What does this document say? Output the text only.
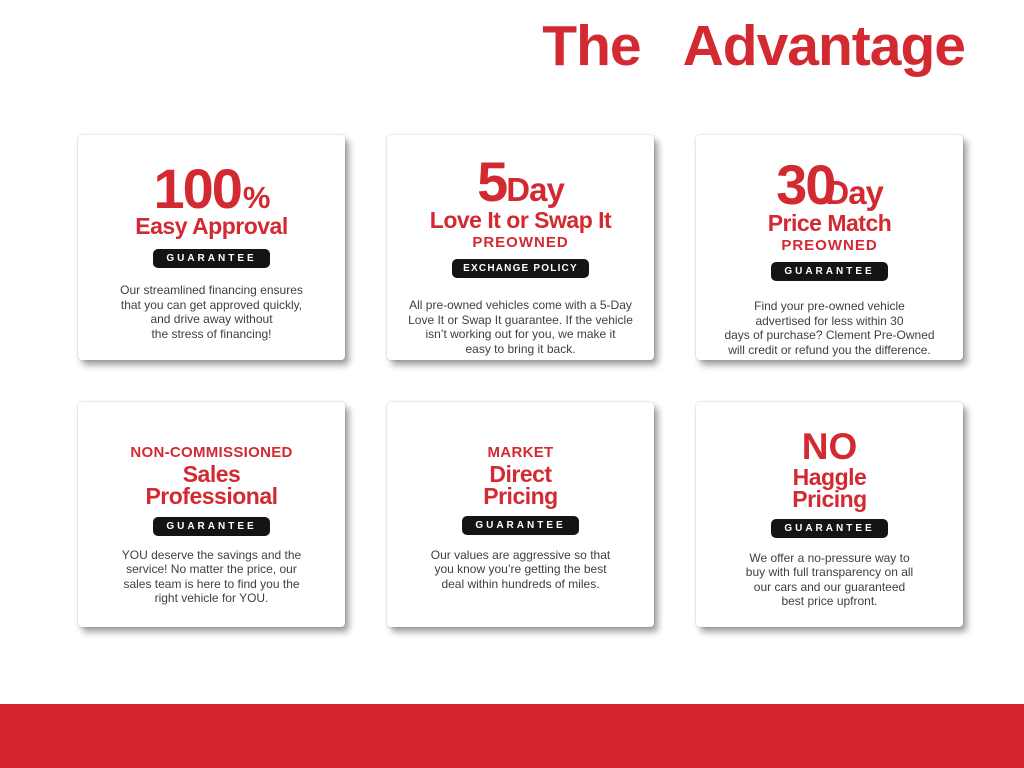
The Advantage
100 %
Easy Approval
GUARANTEE
Our streamlined financing ensures
that you can get approved quickly,
and drive away without
the stress of financing!
5 Day
Love It or Swap It
PREOWNED
EXCHANGE POLICY
All pre-owned vehicles come with a 5-Day
Love It or Swap It guarantee. If the vehicle
isn’t working out for you, we make it
easy to bring it back.
30
Day
Price Match
PREOWNED
GUARANTEE
Find your pre-owned vehicle
advertised for less within 30
days of purchase? Clement Pre-Owned
will credit or refund you the difference.
NON-COMMISSIONED
Sales
Professional
GUARANTEE
YOU deserve the savings and the
service! No matter the price, our
sales team is here to find you the
right vehicle for YOU.
MARKET
Direct
Pricing
GUARANTEE
Our values are aggressive so that
you know you’re getting the best
deal within hundreds of miles.
NO
Haggle
Pricing
GUARANTEE
We offer a no-pressure way to
buy with full transparency on all
our cars and our guaranteed
best price upfront.
